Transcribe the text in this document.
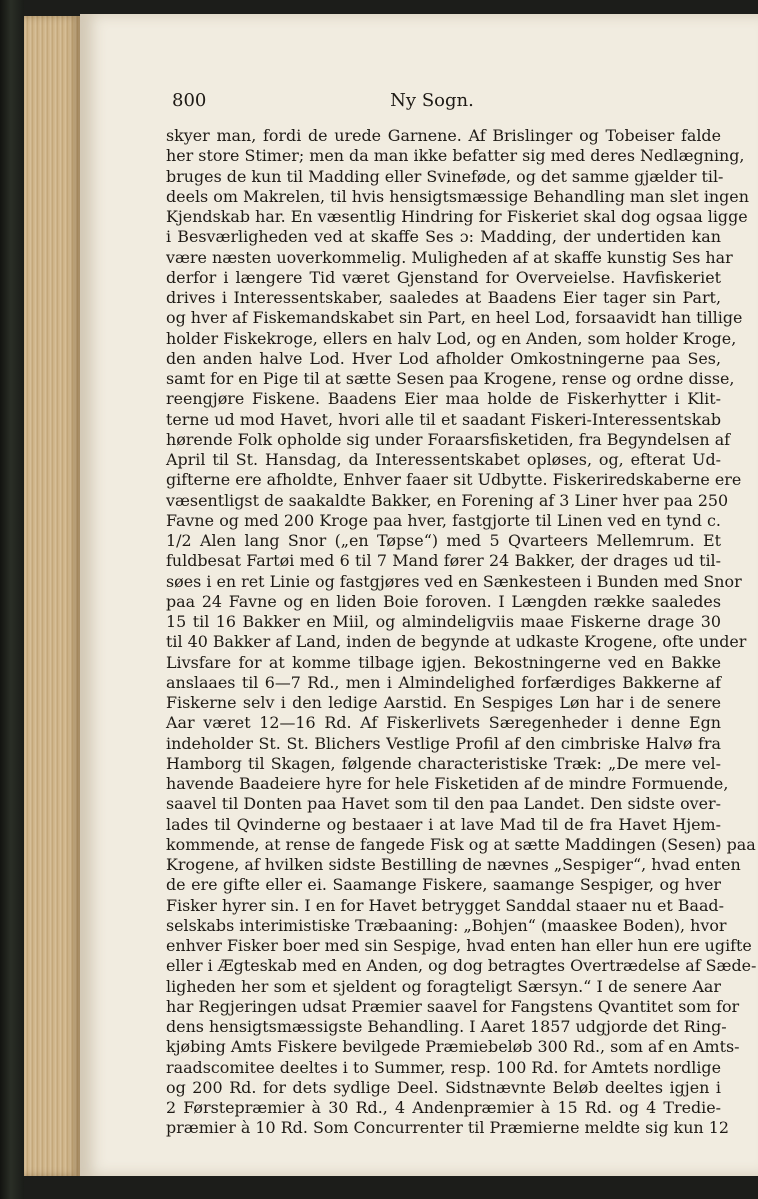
800	Ny Sogn.
skyer man, fordi de urede Garnene. Af Brislinger og Tobeiser falde
her store Stimer; men da man ikke befatter sig med deres Nedlægning,
bruges de kun til Madding eller Svineføde, og det samme gjælder til-
deels om Makrelen, til hvis hensigtsmæssige Behandling man slet ingen
Kjendskab har. En væsentlig Hindring for Fiskeriet skal dog ogsaa ligge
i Besværligheden ved at skaffe Ses ɔ: Madding, der undertiden kan
være næsten uoverkommelig. Muligheden af at skaffe kunstig Ses har
derfor i længere Tid været Gjenstand for Overveielse. Havfiskeriet
drives i Interessentskaber, saaledes at Baadens Eier tager sin Part,
og hver af Fiskemandskabet sin Part, en heel Lod, forsaavidt han tillige
holder Fiskekroge, ellers en halv Lod, og en Anden, som holder Kroge,
den anden halve Lod. Hver Lod afholder Omkostningerne paa Ses,
samt for en Pige til at sætte Sesen paa Krogene, rense og ordne disse,
reengjøre Fiskene. Baadens Eier maa holde de Fiskerhytter i Klit-
terne ud mod Havet, hvori alle til et saadant Fiskeri-Interessentskab
hørende Folk opholde sig under Foraarsfisketiden, fra Begyndelsen af
April til St. Hansdag, da Interessentskabet opløses, og, efterat Ud-
gifterne ere afholdte, Enhver faaer sit Udbytte. Fiskeriredskaberne ere
væsentligst de saakaldte Bakker, en Forening af 3 Liner hver paa 250
Favne og med 200 Kroge paa hver, fastgjorte til Linen ved en tynd c.
1/2 Alen lang Snor („en Tøpse“) med 5 Qvarteers Mellemrum. Et
fuldbesat Fartøi med 6 til 7 Mand fører 24 Bakker, der drages ud til-
søes i en ret Linie og fastgjøres ved en Sænkesteen i Bunden med Snor
paa 24 Favne og en liden Boie foroven. I Længden række saaledes
15 til 16 Bakker en Miil, og almindeligviis maae Fiskerne drage 30
til 40 Bakker af Land, inden de begynde at udkaste Krogene, ofte under
Livsfare for at komme tilbage igjen. Bekostningerne ved en Bakke
anslaaes til 6—7 Rd., men i Almindelighed forfærdiges Bakkerne af
Fiskerne selv i den ledige Aarstid. En Sespiges Løn har i de senere
Aar været 12—16 Rd. Af Fiskerlivets Særegenheder i denne Egn
indeholder St. St. Blichers Vestlige Profil af den cimbriske Halvø fra
Hamborg til Skagen, følgende characteristiske Træk: „De mere vel-
havende Baadeiere hyre for hele Fisketiden af de mindre Formuende,
saavel til Donten paa Havet som til den paa Landet. Den sidste over-
lades til Qvinderne og bestaaer i at lave Mad til de fra Havet Hjem-
kommende, at rense de fangede Fisk og at sætte Maddingen (Sesen) paa
Krogene, af hvilken sidste Bestilling de nævnes „Sespiger“, hvad enten
de ere gifte eller ei. Saamange Fiskere, saamange Sespiger, og hver
Fisker hyrer sin. I en for Havet betrygget Sanddal staaer nu et Baad-
selskabs interimistiske Træbaaning: „Bohjen“ (maaskee Boden), hvor
enhver Fisker boer med sin Sespige, hvad enten han eller hun ere ugifte
eller i Ægteskab med en Anden, og dog betragtes Overtrædelse af Sæde-
ligheden her som et sjeldent og foragteligt Særsyn.“ I de senere Aar
har Regjeringen udsat Præmier saavel for Fangstens Qvantitet som for
dens hensigtsmæssigste Behandling. I Aaret 1857 udgjorde det Ring-
kjøbing Amts Fiskere bevilgede Præmiebeløb 300 Rd., som af en Amts-
raadscomitee deeltes i to Summer, resp. 100 Rd. for Amtets nordlige
og 200 Rd. for dets sydlige Deel. Sidstnævnte Beløb deeltes igjen i
2 Førstepræmier à 30 Rd., 4 Andenpræmier à 15 Rd. og 4 Tredie-
præmier à 10 Rd. Som Concurrenter til Præmierne meldte sig kun 12
